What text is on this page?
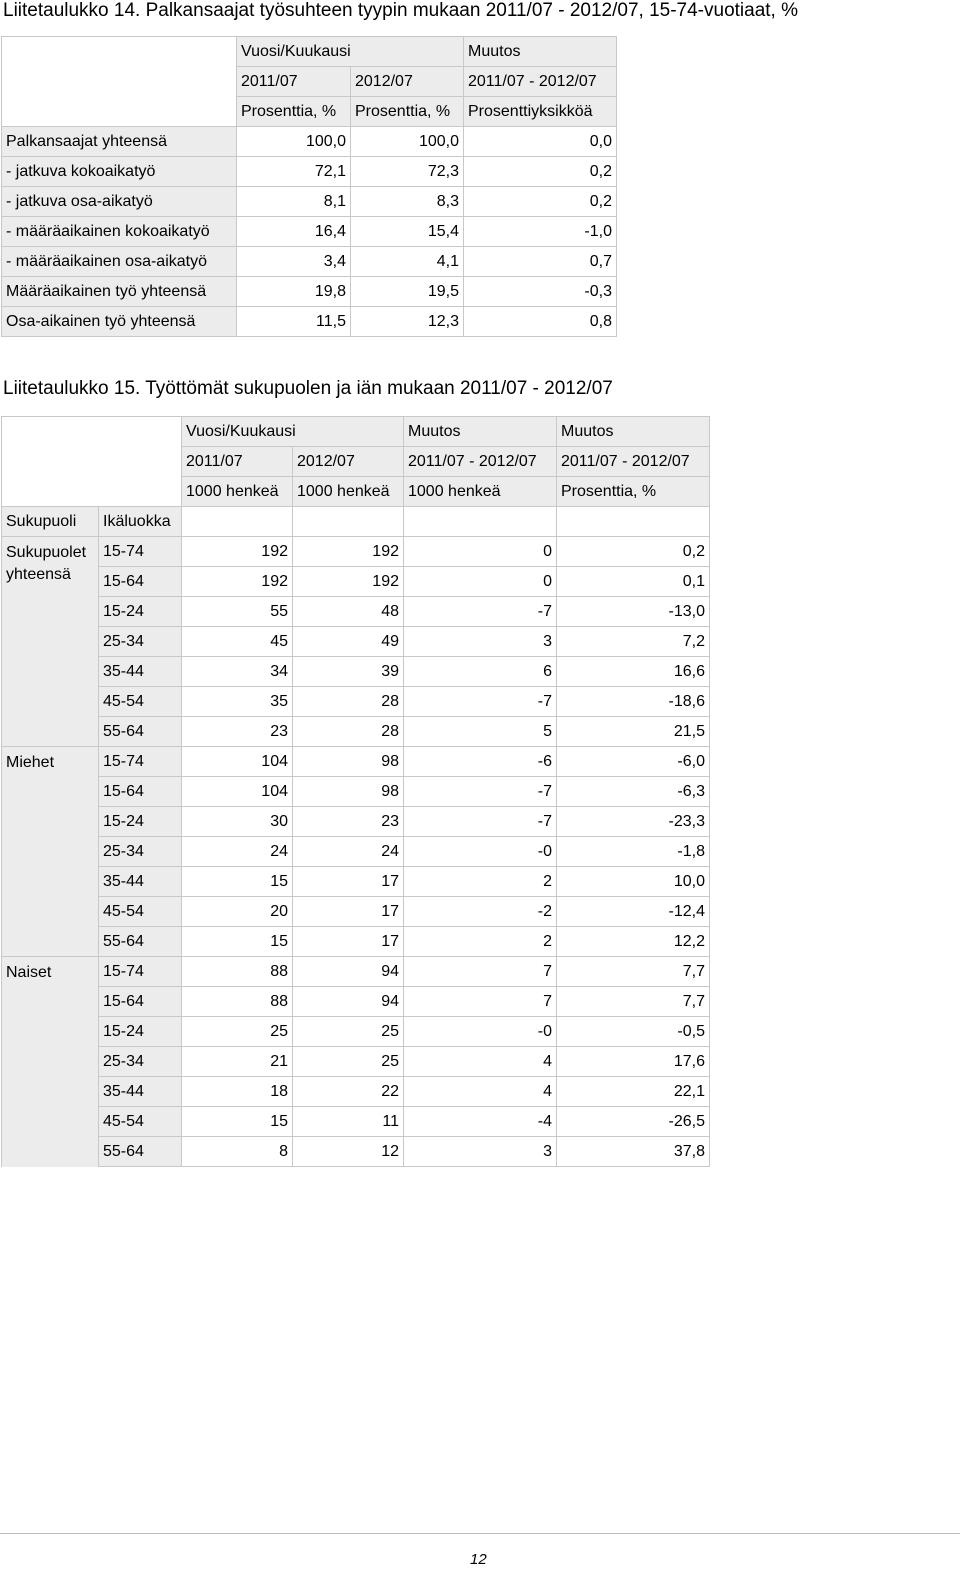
Liitetaulukko 14. Palkansaajat työsuhteen tyypin mukaan 2011/07 - 2012/07, 15-74-vuotiaat, %
	Vuosi/Kuukausi		Muutos
	2011/07	2012/07	2011/07 - 2012/07
	Prosenttia, %	Prosenttia, %	Prosenttiyksikköä
Palkansaajat yhteensä	100,0	100,0	0,0
- jatkuva kokoaikatyö	72,1	72,3	0,2
- jatkuva osa-aikatyö	8,1	8,3	0,2
- määräaikainen kokoaikatyö	16,4	15,4	-1,0
- määräaikainen osa-aikatyö	3,4	4,1	0,7
Määräaikainen työ yhteensä	19,8	19,5	-0,3
Osa-aikainen työ yhteensä	11,5	12,3	0,8
Liitetaulukko 15. Työttömät sukupuolen ja iän mukaan 2011/07 - 2012/07
		Vuosi/Kuukausi		Muutos	Muutos
		2011/07	2012/07	2011/07 - 2012/07	2011/07 - 2012/07
		1000 henkeä	1000 henkeä	1000 henkeä	Prosenttia, %
Sukupuoli	Ikäluokka				
Sukupuolet yhteensä	15-74	192	192	0	0,2
	15-64	192	192	0	0,1
	15-24	55	48	-7	-13,0
	25-34	45	49	3	7,2
	35-44	34	39	6	16,6
	45-54	35	28	-7	-18,6
	55-64	23	28	5	21,5
Miehet	15-74	104	98	-6	-6,0
	15-64	104	98	-7	-6,3
	15-24	30	23	-7	-23,3
	25-34	24	24	-0	-1,8
	35-44	15	17	2	10,0
	45-54	20	17	-2	-12,4
	55-64	15	17	2	12,2
Naiset	15-74	88	94	7	7,7
	15-64	88	94	7	7,7
	15-24	25	25	-0	-0,5
	25-34	21	25	4	17,6
	35-44	18	22	4	22,1
	45-54	15	11	-4	-26,5
	55-64	8	12	3	37,8
12
